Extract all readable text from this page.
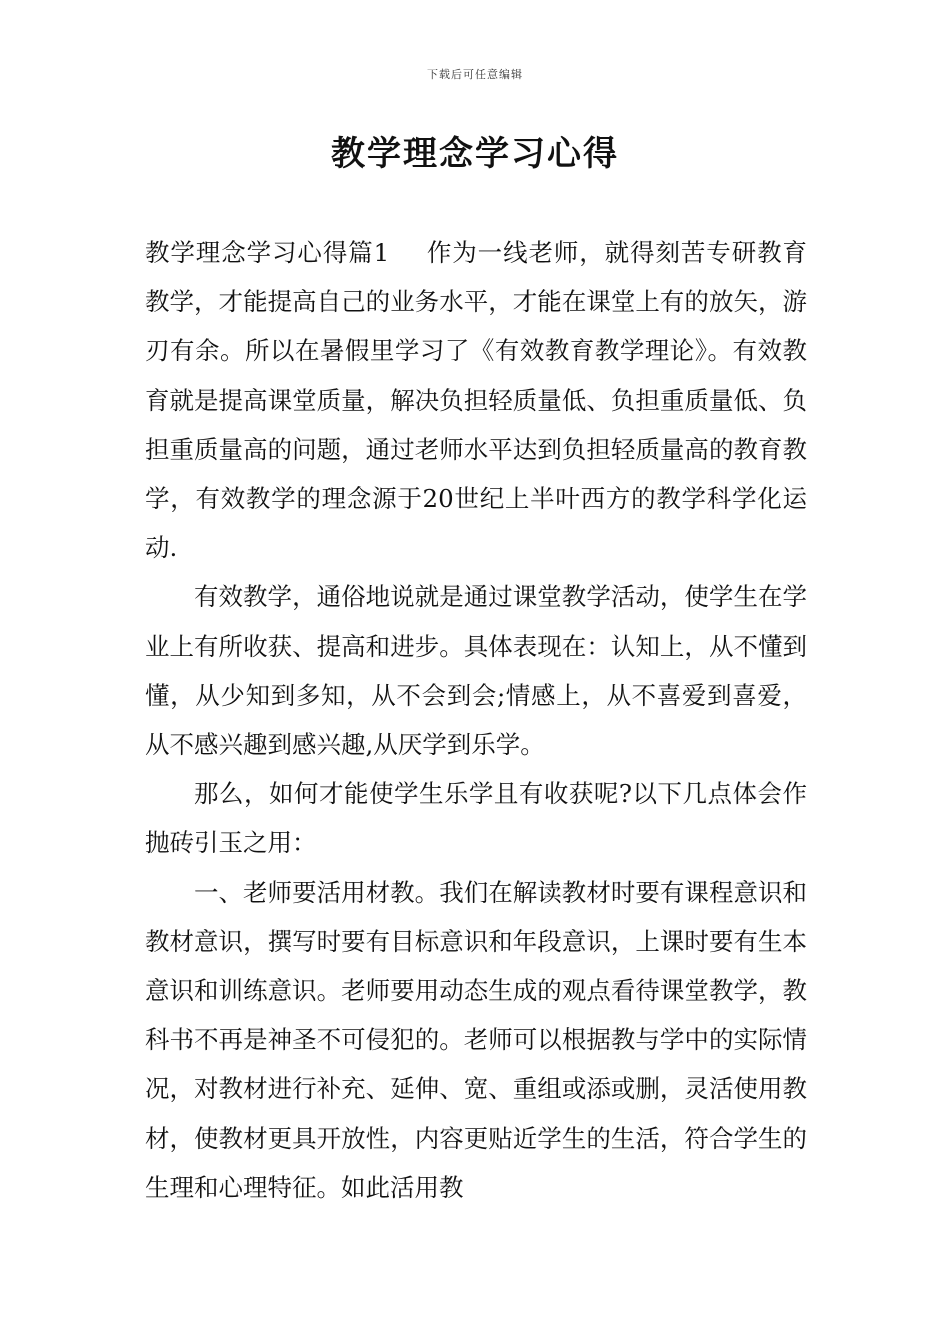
下载后可任意编辑
教学理念学习心得

教学理念学习心得篇1 作为一线老师，就得刻苦专研教育教学，才能提高自己的业务水平，才能在课堂上有的放矢，游刃有余。所以在暑假里学习了《有效教育教学理论》。有效教育就是提高课堂质量，解决负担轻质量低、负担重质量低、负担重质量高的问题，通过老师水平达到负担轻质量高的教育教学，有效教学的理念源于20世纪上半叶西方的教学科学化运动.

有效教学，通俗地说就是通过课堂教学活动，使学生在学业上有所收获、提高和进步。具体表现在：认知上，从不懂到懂，从少知到多知，从不会到会;情感上，从不喜爱到喜爱，从不感兴趣到感兴趣,从厌学到乐学。

那么，如何才能使学生乐学且有收获呢?以下几点体会作抛砖引玉之用：

一、老师要活用材教。我们在解读教材时要有课程意识和教材意识，撰写时要有目标意识和年段意识，上课时要有生本意识和训练意识。老师要用动态生成的观点看待课堂教学，教科书不再是神圣不可侵犯的。老师可以根据教与学中的实际情况，对教材进行补充、延伸、宽、重组或添或删，灵活使用教材，使教材更具开放性，内容更贴近学生的生活，符合学生的生理和心理特征。如此活用教
